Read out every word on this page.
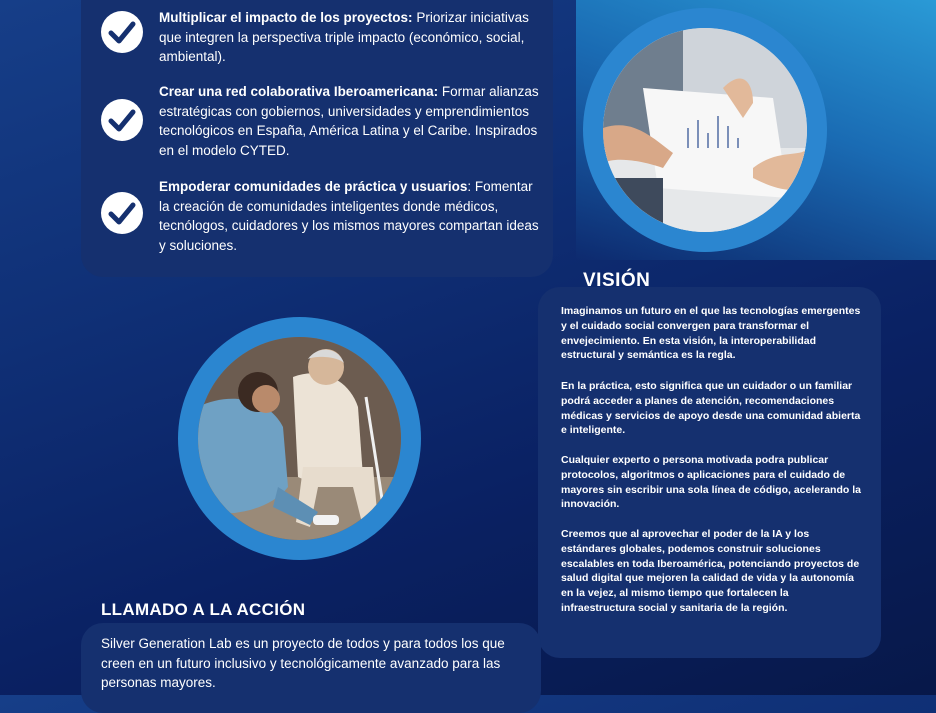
Multiplicar el impacto de los proyectos: Priorizar iniciativas que integren la perspectiva triple impacto (económico, social, ambiental).
Crear una red colaborativa Iberoamericana: Formar alianzas estratégicas con gobiernos, universidades y emprendimientos tecnológicos en España, América Latina y el Caribe. Inspirados en el modelo CYTED.
Empoderar comunidades de práctica y usuarios: Fomentar la creación de comunidades inteligentes donde médicos, tecnólogos, cuidadores y los mismos mayores compartan ideas y soluciones.
Imaginamos un futuro en el que las tecnologías emergentes y el cuidado social convergen para transformar el envejecimiento. En esta visión, la interoperabilidad estructural y semántica es la regla.
En la práctica, esto significa que un cuidador o un familiar podrá acceder a planes de atención, recomendaciones médicas y servicios de apoyo desde una comunidad abierta e inteligente.
Cualquier experto o persona motivada podra publicar protocolos, algoritmos o aplicaciones para el cuidado de mayores sin escribir una sola línea de código, acelerando la innovación.
Creemos que al aprovechar el poder de la IA y los estándares globales, podemos construir soluciones escalables en toda Iberoamérica, potenciando proyectos de salud digital que mejoren la calidad de vida y la autonomía en la vejez, al mismo tiempo que fortalecen la infraestructura social y sanitaria de la región.
VISIÓN
Silver Generation Lab es un proyecto de todos y para todos los que creen en un futuro inclusivo y tecnológicamente avanzado para las personas mayores.
LLAMADO A LA ACCIÓN
